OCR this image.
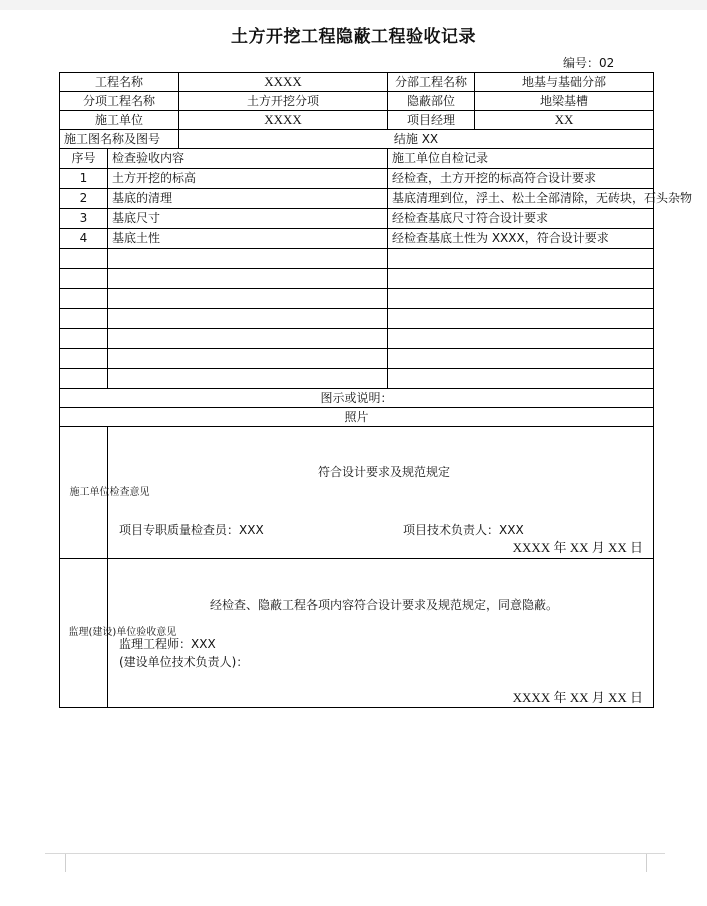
土方开挖工程隐蔽工程验收记录
编号：02
工程名称		XXXX	分部工程名称	地基与基础分部
分项工程名称		土方开挖分项	隐蔽部位	地梁基槽
施工单位		XXXX	项目经理	XX
施工图名称及图号		结施 XX		
序号	检查验收内容		施工单位自检记录	
1	土方开挖的标高		经检查，土方开挖的标高符合设计要求	
2	基底的清理		基底清理到位，浮土、松土全部清除，无砖块，石头杂物	
3	基底尺寸		经检查基底尺寸符合设计要求	
4	基底土性		经检查基底土性为 XXXX，符合设计要求	

图示或说明：				
照片				

施工单位检查意见	符合设计要求及规范规定
项目专职质量检查员：XXX 项目技术负责人：XXX
XXXX 年 XX 月 XX 日			

监理(建设)单位验收意见	经检查、隐蔽工程各项内容符合设计要求及规范规定，同意隐蔽。
监理工程师：XXX
(建设单位技术负责人)：
XXXX 年 XX 月 XX 日			
